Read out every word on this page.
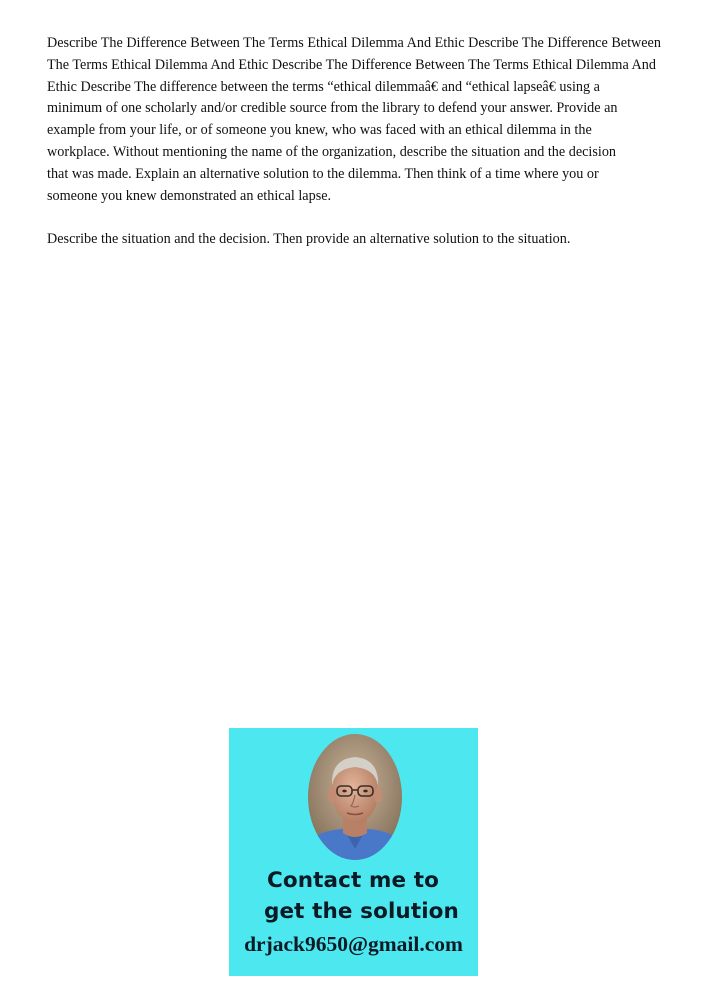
Describe The Difference Between The Terms Ethical Dilemma And Ethic Describe The Difference Between
The Terms Ethical Dilemma And Ethic Describe The Difference Between The Terms Ethical Dilemma And
Ethic Describe The difference between the terms “ethical dilemmaâ€ and “ethical lapseâ€ using a
minimum of one scholarly and/or credible source from the library to defend your answer. Provide an
example from your life, or of someone you knew, who was faced with an ethical dilemma in the
workplace. Without mentioning the name of the organization, describe the situation and the decision
that was made. Explain an alternative solution to the dilemma. Then think of a time where you or
someone you knew demonstrated an ethical lapse.
Describe the situation and the decision. Then provide an alternative solution to the situation.
Contact me to
get the solution
drjack9650@gmail.com
